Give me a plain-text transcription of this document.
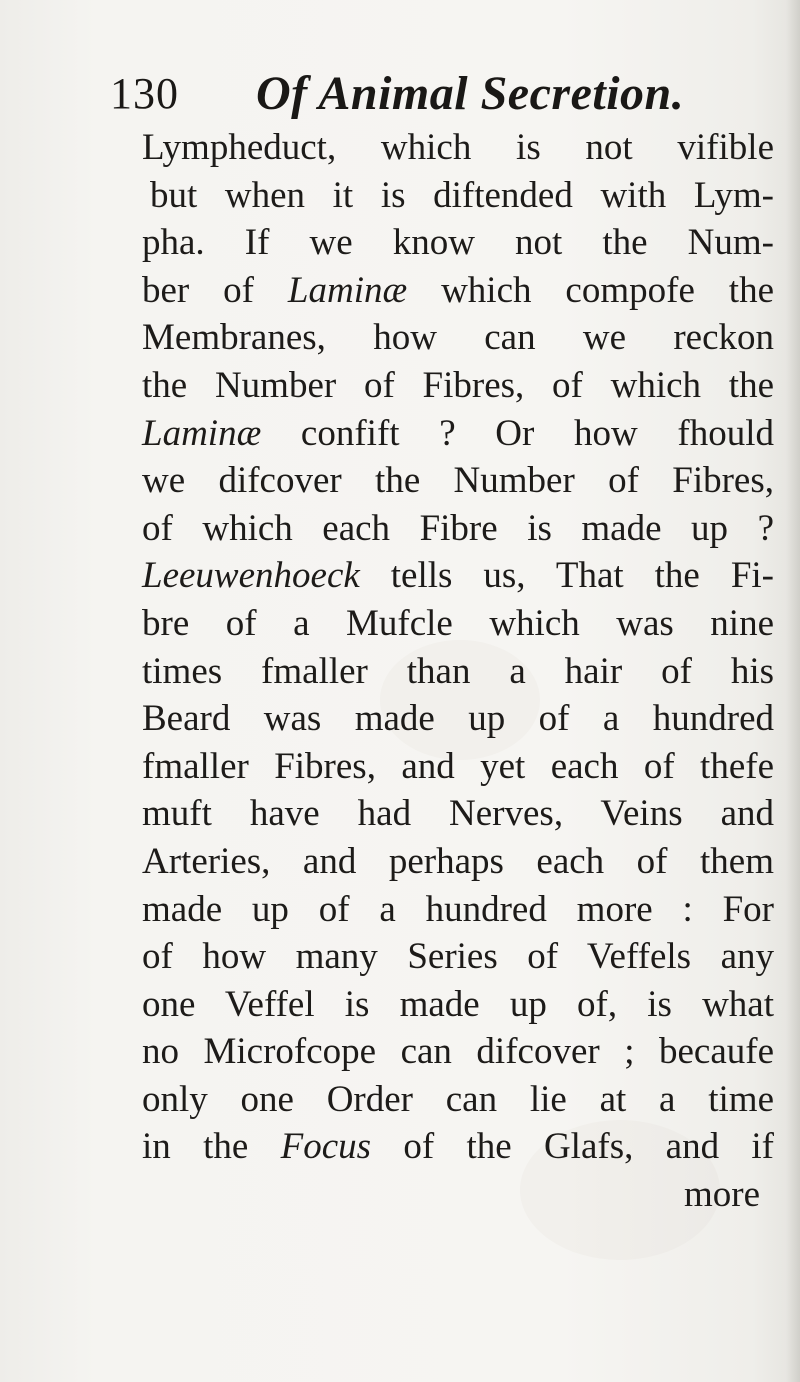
130 Of Animal Secretion.
Lympheduct, which is not vifible
but when it is diftended with Lym-
pha. If we know not the Num-
ber of Laminæ which compofe the
Membranes, how can we reckon
the Number of Fibres, of which the
Laminæ confift ? Or how fhould
we difcover the Number of Fibres,
of which each Fibre is made up ?
Leeuwenhoeck tells us, That the Fi-
bre of a Mufcle which was nine
times fmaller than a hair of his
Beard was made up of a hundred
fmaller Fibres, and yet each of thefe
muft have had Nerves, Veins and
Arteries, and perhaps each of them
made up of a hundred more : For
of how many Series of Veffels any
one Veffel is made up of, is what
no Microfcope can difcover ; becaufe
only one Order can lie at a time
in the Focus of the Glafs, and if
more
